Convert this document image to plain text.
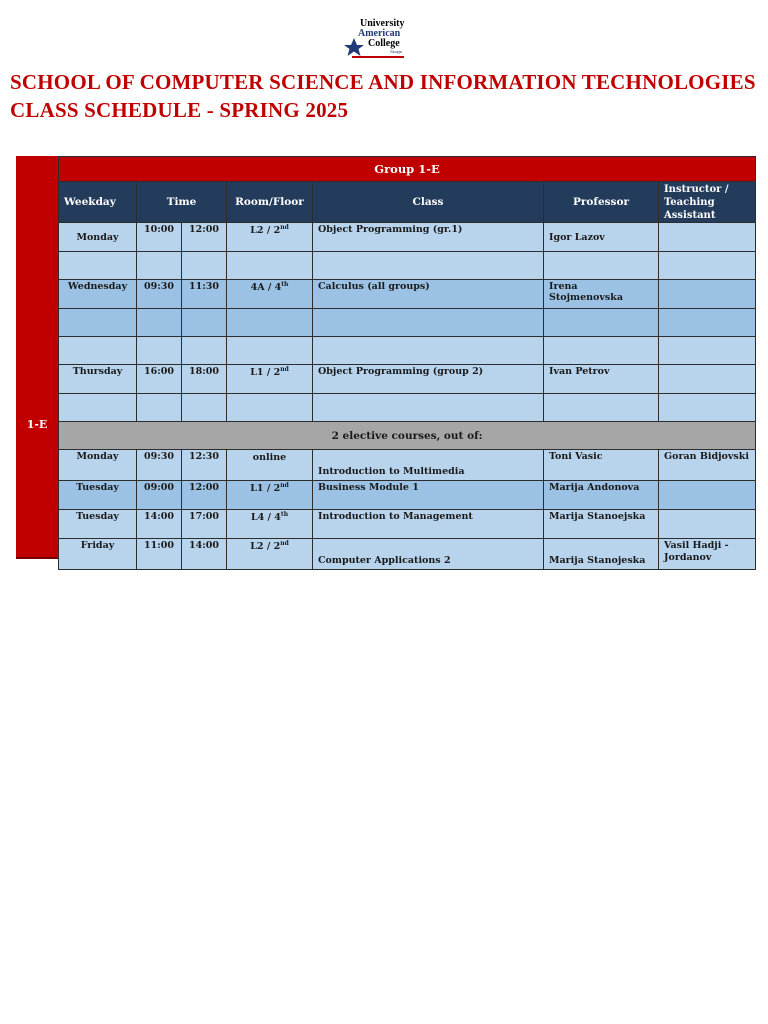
University
American
College
Skopje
SCHOOL OF COMPUTER SCIENCE AND INFORMATION TECHNOLOGIES
CLASS SCHEDULE - SPRING 2025
1-E
Group 1-E						
Weekday	Time		Room/Floor	Class	Professor	Instructor / Teaching Assistant
Monday	10:00	12:00	L2 / 2nd	Object Programming (gr.1)	Igor Lazov	

Wednesday	09:30	11:30	4A / 4th	Calculus (all groups)	Irena Stojmenovska	

Thursday	16:00	18:00	L1 / 2nd	Object Programming (group 2)	Ivan Petrov	

2 elective courses, out of:						
Monday	09:30	12:30	online	Introduction to Multimedia	Toni Vasic	Goran Bidjovski
Tuesday	09:00	12:00	L1 / 2nd	Business Module 1	Marija Andonova	
Tuesday	14:00	17:00	L4 / 4th	Introduction to Management	Marija Stanoejska	
Friday	11:00	14:00	L2 / 2nd	Computer Applications 2	Marija Stanojeska	Vasil Hadji - Jordanov
